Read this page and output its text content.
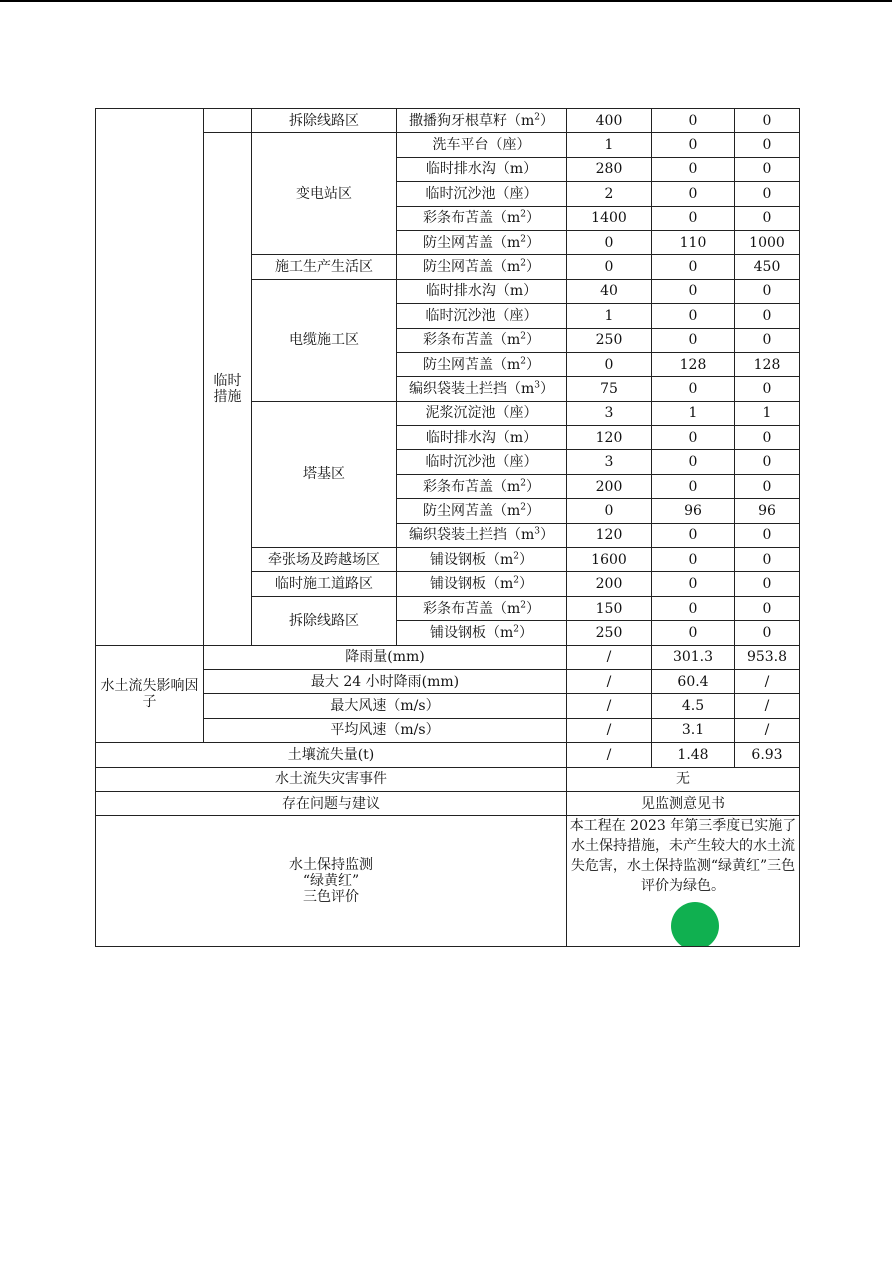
		拆除线路区	撒播狗牙根草籽$(m^2)$	400	0	0
	临时措施	变电站区	洗车平台（座）	1	0	0
			临时排水沟（m）	280	0	0
			临时沉沙池（座）	2	0	0
			彩条布苫盖$(m^2)$	1400	0	0
			防尘网苫盖$(m^2)$	0	110	1000
		施工生产生活区	防尘网苫盖$(m^2)$	0	0	450
		电缆施工区	临时排水沟（m）	40	0	0
			临时沉沙池（座）	1	0	0
			彩条布苫盖$(m^2)$	250	0	0
			防尘网苫盖$(m^2)$	0	128	128
			编织袋装土拦挡$(m^3)$	75	0	0
		塔基区	泥浆沉淀池（座）	3	1	1
			临时排水沟（m）	120	0	0
			临时沉沙池（座）	3	0	0
			彩条布苫盖$(m^2)$	200	0	0
			防尘网苫盖$(m^2)$	0	96	96
			编织袋装土拦挡$(m^3)$	120	0	0
		牵张场及跨越场区	铺设钢板$(m^2)$	1600	0	0
		临时施工道路区	铺设钢板$(m^2)$	200	0	0
		拆除线路区	彩条布苫盖$(m^2)$	150	0	0
			铺设钢板$(m^2)$	250	0	0
水土流失影响因子	降雨量(mm)			/	301.3	953.8
	最大 24 小时降雨(mm)			/	60.4	/
	最大风速（m/s）			/	4.5	/
	平均风速（m/s）			/	3.1	/
土壤流失量(t)				/	1.48	6.93
水土流失灾害事件				无		
存在问题与建议				见监测意见书		

水土保持监测
“绿黄红”
三色评价				本工程在 2023 年第三季度已实施了水土保持措施，未产生较大的水土流失危害，水土保持监测“绿黄红”三色评价为绿色。		
